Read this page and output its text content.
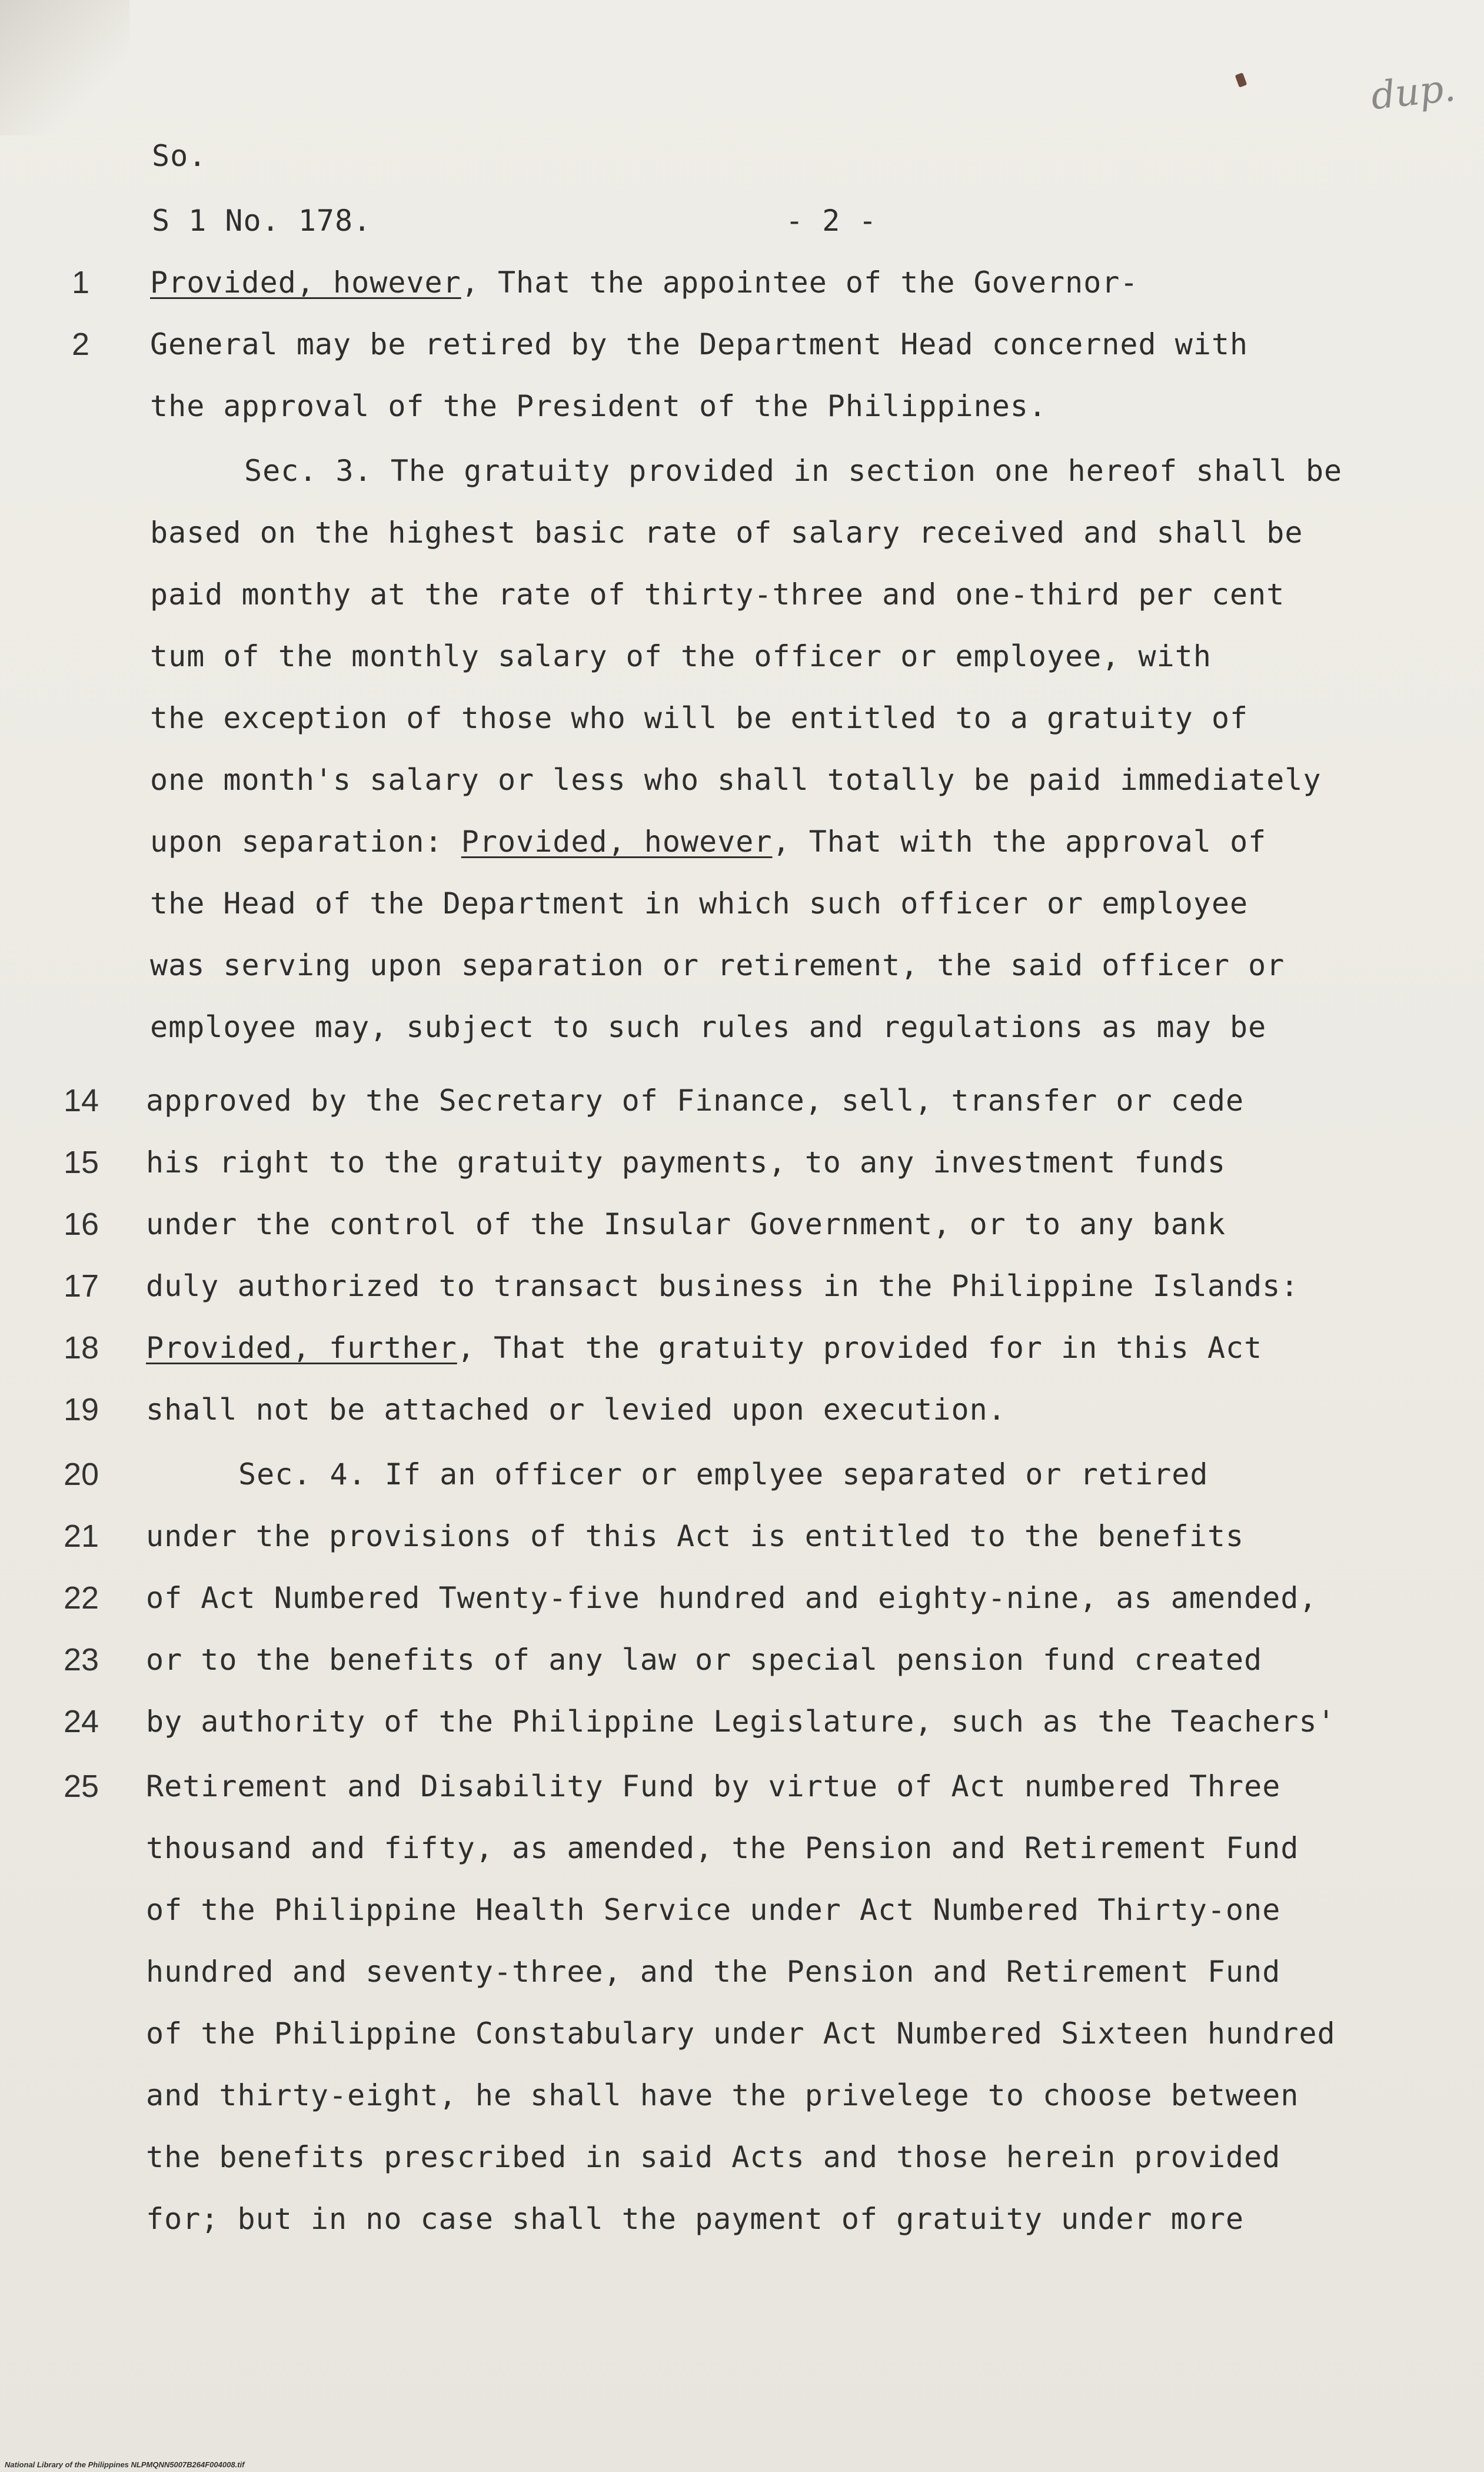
dup.
So.
S 1 No. 178.	- 2 -
1
2
14
15
16
17
18
19
20
21
22
23
24
25
Provided, however, That the appointee of the Governor-
General may be retired by the Department Head concerned with
the approval of the President of the Philippines.
Sec. 3. The gratuity provided in section one hereof shall be
based on the highest basic rate of salary received and shall be
paid monthy at the rate of thirty-three and one-third per cent
tum of the monthly salary of the officer or employee, with
the exception of those who will be entitled to a gratuity of
one month's salary or less who shall totally be paid immediately
upon separation: Provided, however, That with the approval of
the Head of the Department in which such officer or employee
was serving upon separation or retirement, the said officer or
employee may, subject to such rules and regulations as may be
approved by the Secretary of Finance, sell, transfer or cede
his right to the gratuity payments, to any investment funds
under the control of the Insular Government, or to any bank
duly authorized to transact business in the Philippine Islands:
Provided, further, That the gratuity provided for in this Act
shall not be attached or levied upon execution.
Sec. 4. If an officer or emplyee separated or retired
under the provisions of this Act is entitled to the benefits
of Act Numbered Twenty-five hundred and eighty-nine, as amended,
or to the benefits of any law or special pension fund created
by authority of the Philippine Legislature, such as the Teachers'
Retirement and Disability Fund by virtue of Act numbered Three
thousand and fifty, as amended, the Pension and Retirement Fund
of the Philippine Health Service under Act Numbered Thirty-one
hundred and seventy-three, and the Pension and Retirement Fund
of the Philippine Constabulary under Act Numbered Sixteen hundred
and thirty-eight, he shall have the privelege to choose between
the benefits prescribed in said Acts and those herein provided
for; but in no case shall the payment of gratuity under more
National Library of the Philippines NLPMQNN5007B264F004008.tif
